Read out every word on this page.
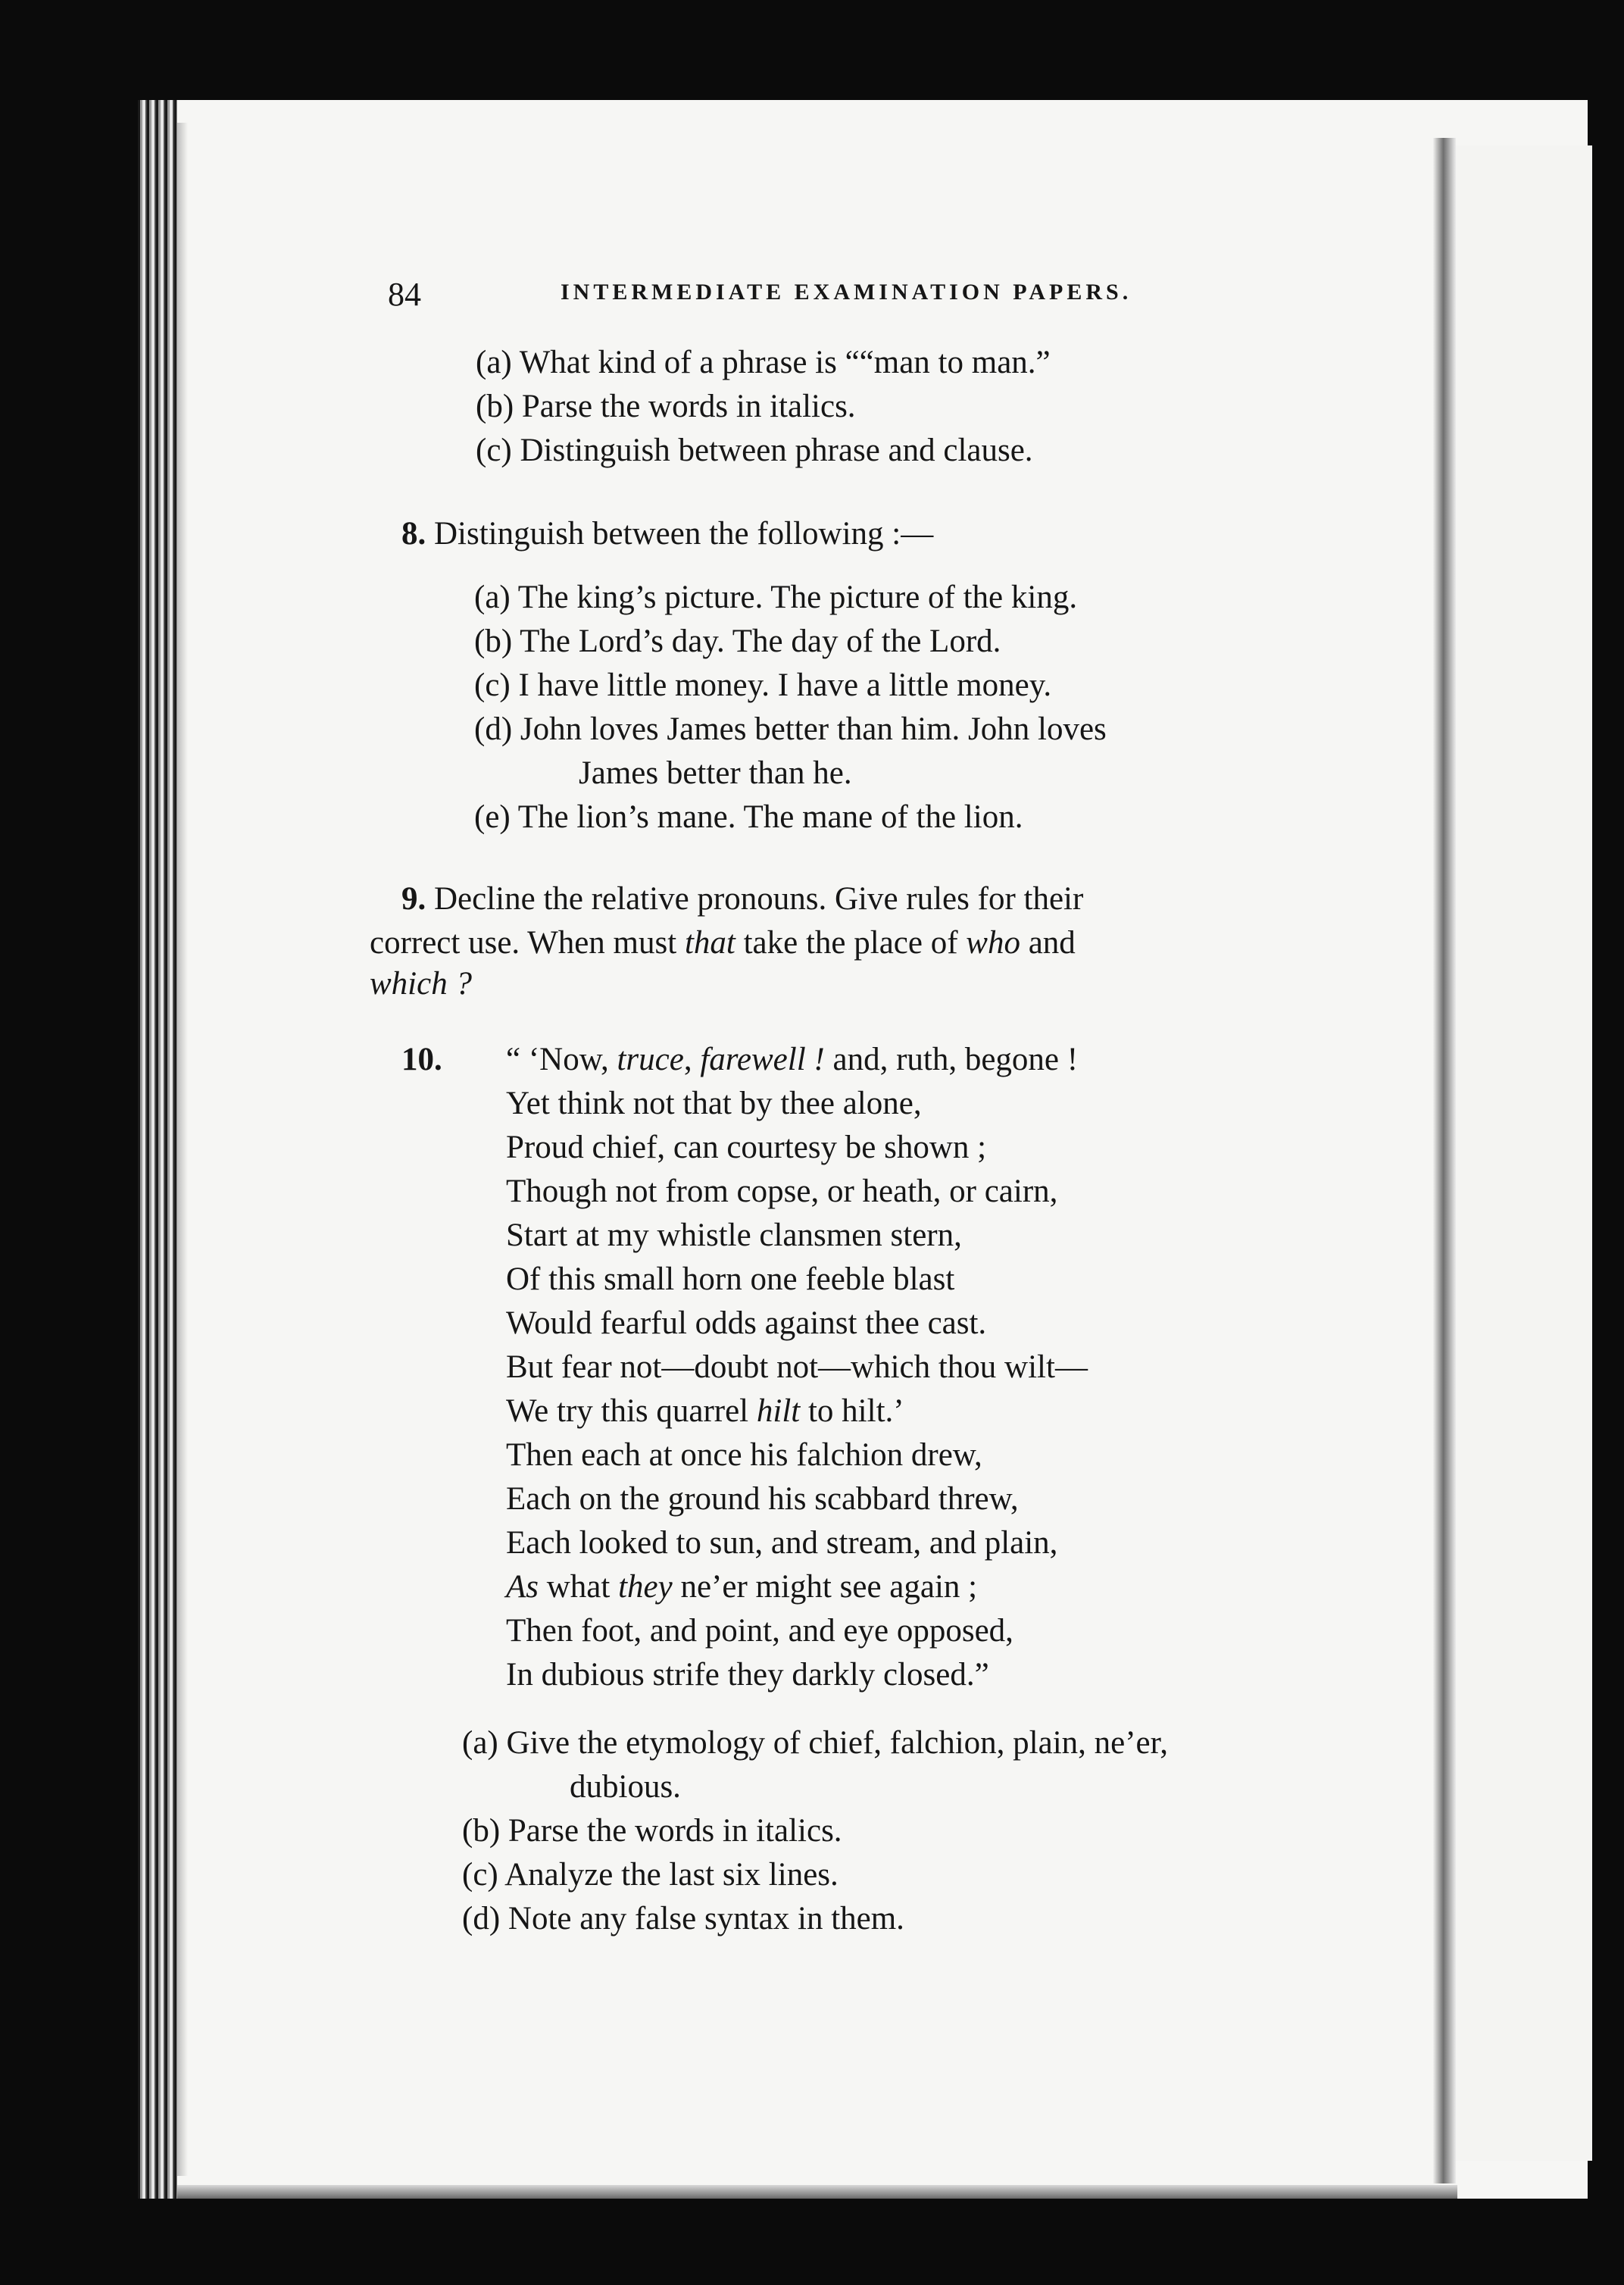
84	INTERMEDIATE EXAMINATION PAPERS.
(a) What kind of a phrase is ““man to man.”
(b) Parse the words in italics.
(c) Distinguish between phrase and clause.
8. Distinguish between the following :—
(a) The king’s picture. The picture of the king.
(b) The Lord’s day. The day of the Lord.
(c) I have little money. I have a little money.
(d) John loves James better than him. John loves
James better than he.
(e) The lion’s mane. The mane of the lion.
9. Decline the relative pronouns. Give rules for their
correct use. When must that take the place of who and
which ?
10. “ ‘Now, truce, farewell ! and, ruth, begone !
Yet think not that by thee alone,
Proud chief, can courtesy be shown ;
Though not from copse, or heath, or cairn,
Start at my whistle clansmen stern,
Of this small horn one feeble blast
Would fearful odds against thee cast.
But fear not—doubt not—which thou wilt—
We try this quarrel hilt to hilt.’
Then each at once his falchion drew,
Each on the ground his scabbard threw,
Each looked to sun, and stream, and plain,
As what they ne’er might see again ;
Then foot, and point, and eye opposed,
In dubious strife they darkly closed.”
(a) Give the etymology of chief, falchion, plain, ne’er,
dubious.
(b) Parse the words in italics.
(c) Analyze the last six lines.
(d) Note any false syntax in them.
